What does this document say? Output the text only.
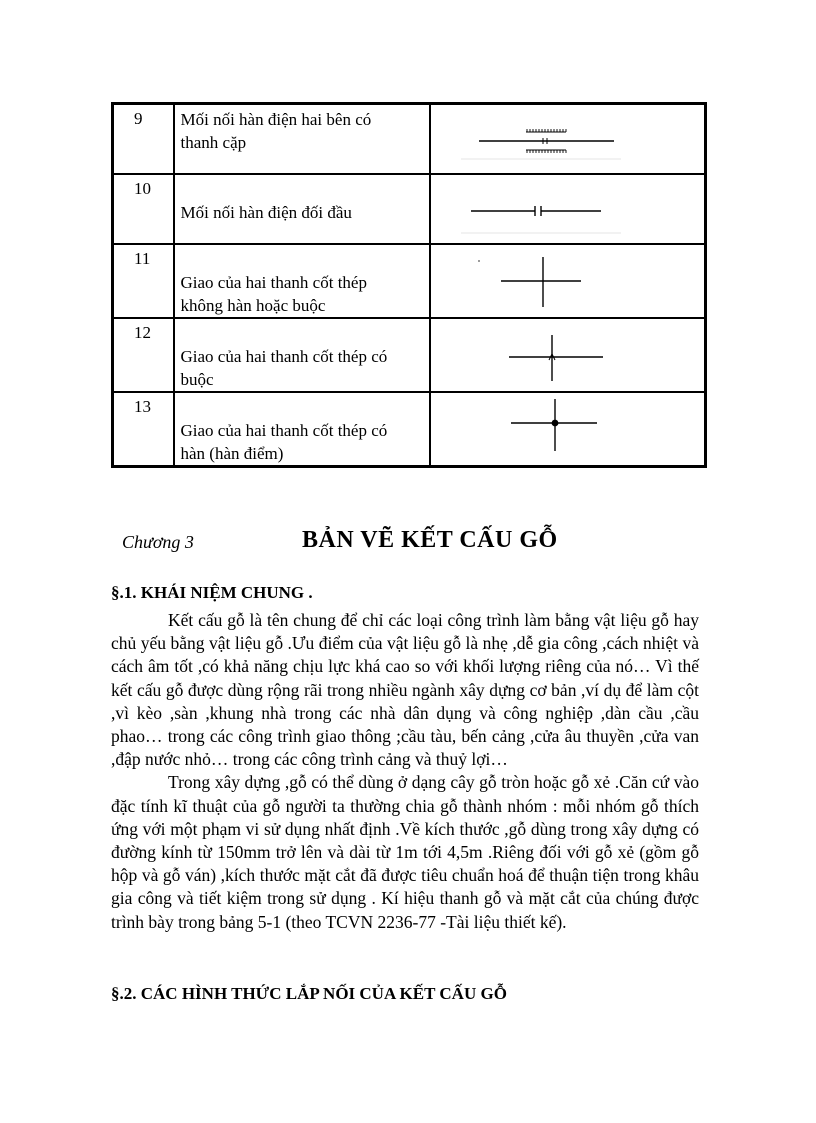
9	Mối nối hàn điện hai bên có
thanh cặp	

10	Mối nối hàn điện đối đầu	

11	Giao của hai thanh cốt thép
không hàn hoặc buộc	

12	Giao của hai thanh cốt thép có
buộc	

13	Giao của hai thanh cốt thép có
hàn (hàn điểm)	
Chương 3	BẢN VẼ KẾT CẤU GỖ
§.1. KHÁI NIỆM CHUNG .

Kết cấu gỗ là tên chung để chỉ các loại công trình làm bằng vật liệu gỗ hay chủ yếu bằng vật liệu gỗ .Ưu điểm của vật liệu gỗ là nhẹ ,dễ gia công ,cách nhiệt và cách âm tốt ,có khả năng chịu lực khá cao so với khối lượng riêng của nó… Vì thế kết cấu gỗ được dùng rộng rãi trong nhiều ngành xây dựng cơ bản ,ví dụ để làm cột ,vì kèo ,sàn ,khung nhà trong các nhà dân dụng và công nghiệp ,dàn cầu ,cầu phao… trong các công trình giao thông ;cầu tàu, bến cảng ,cửa âu thuyền ,cửa van ,đập nước nhỏ… trong các công trình cảng và thuỷ lợi…

Trong xây dựng ,gỗ có thể dùng ở dạng cây gỗ tròn hoặc gỗ xẻ .Căn cứ vào đặc tính kĩ thuật của gỗ người ta thường chia gỗ thành nhóm : mỗi nhóm gỗ thích ứng với một phạm vi sử dụng nhất định .Về kích thước ,gỗ dùng trong xây dựng có đường kính từ 150mm trở lên và dài từ 1m tới 4,5m .Riêng đối với gỗ xẻ (gồm gỗ hộp và gỗ ván) ,kích thước mặt cắt đã được tiêu chuẩn hoá để thuận tiện trong khâu gia công và tiết kiệm trong sử dụng . Kí hiệu thanh gỗ và mặt cắt của chúng được trình bày trong bảng 5-1 (theo TCVN 2236-77 -Tài liệu thiết kế).

§.2. CÁC HÌNH THỨC LẮP NỐI CỦA KẾT CẤU GỖ
